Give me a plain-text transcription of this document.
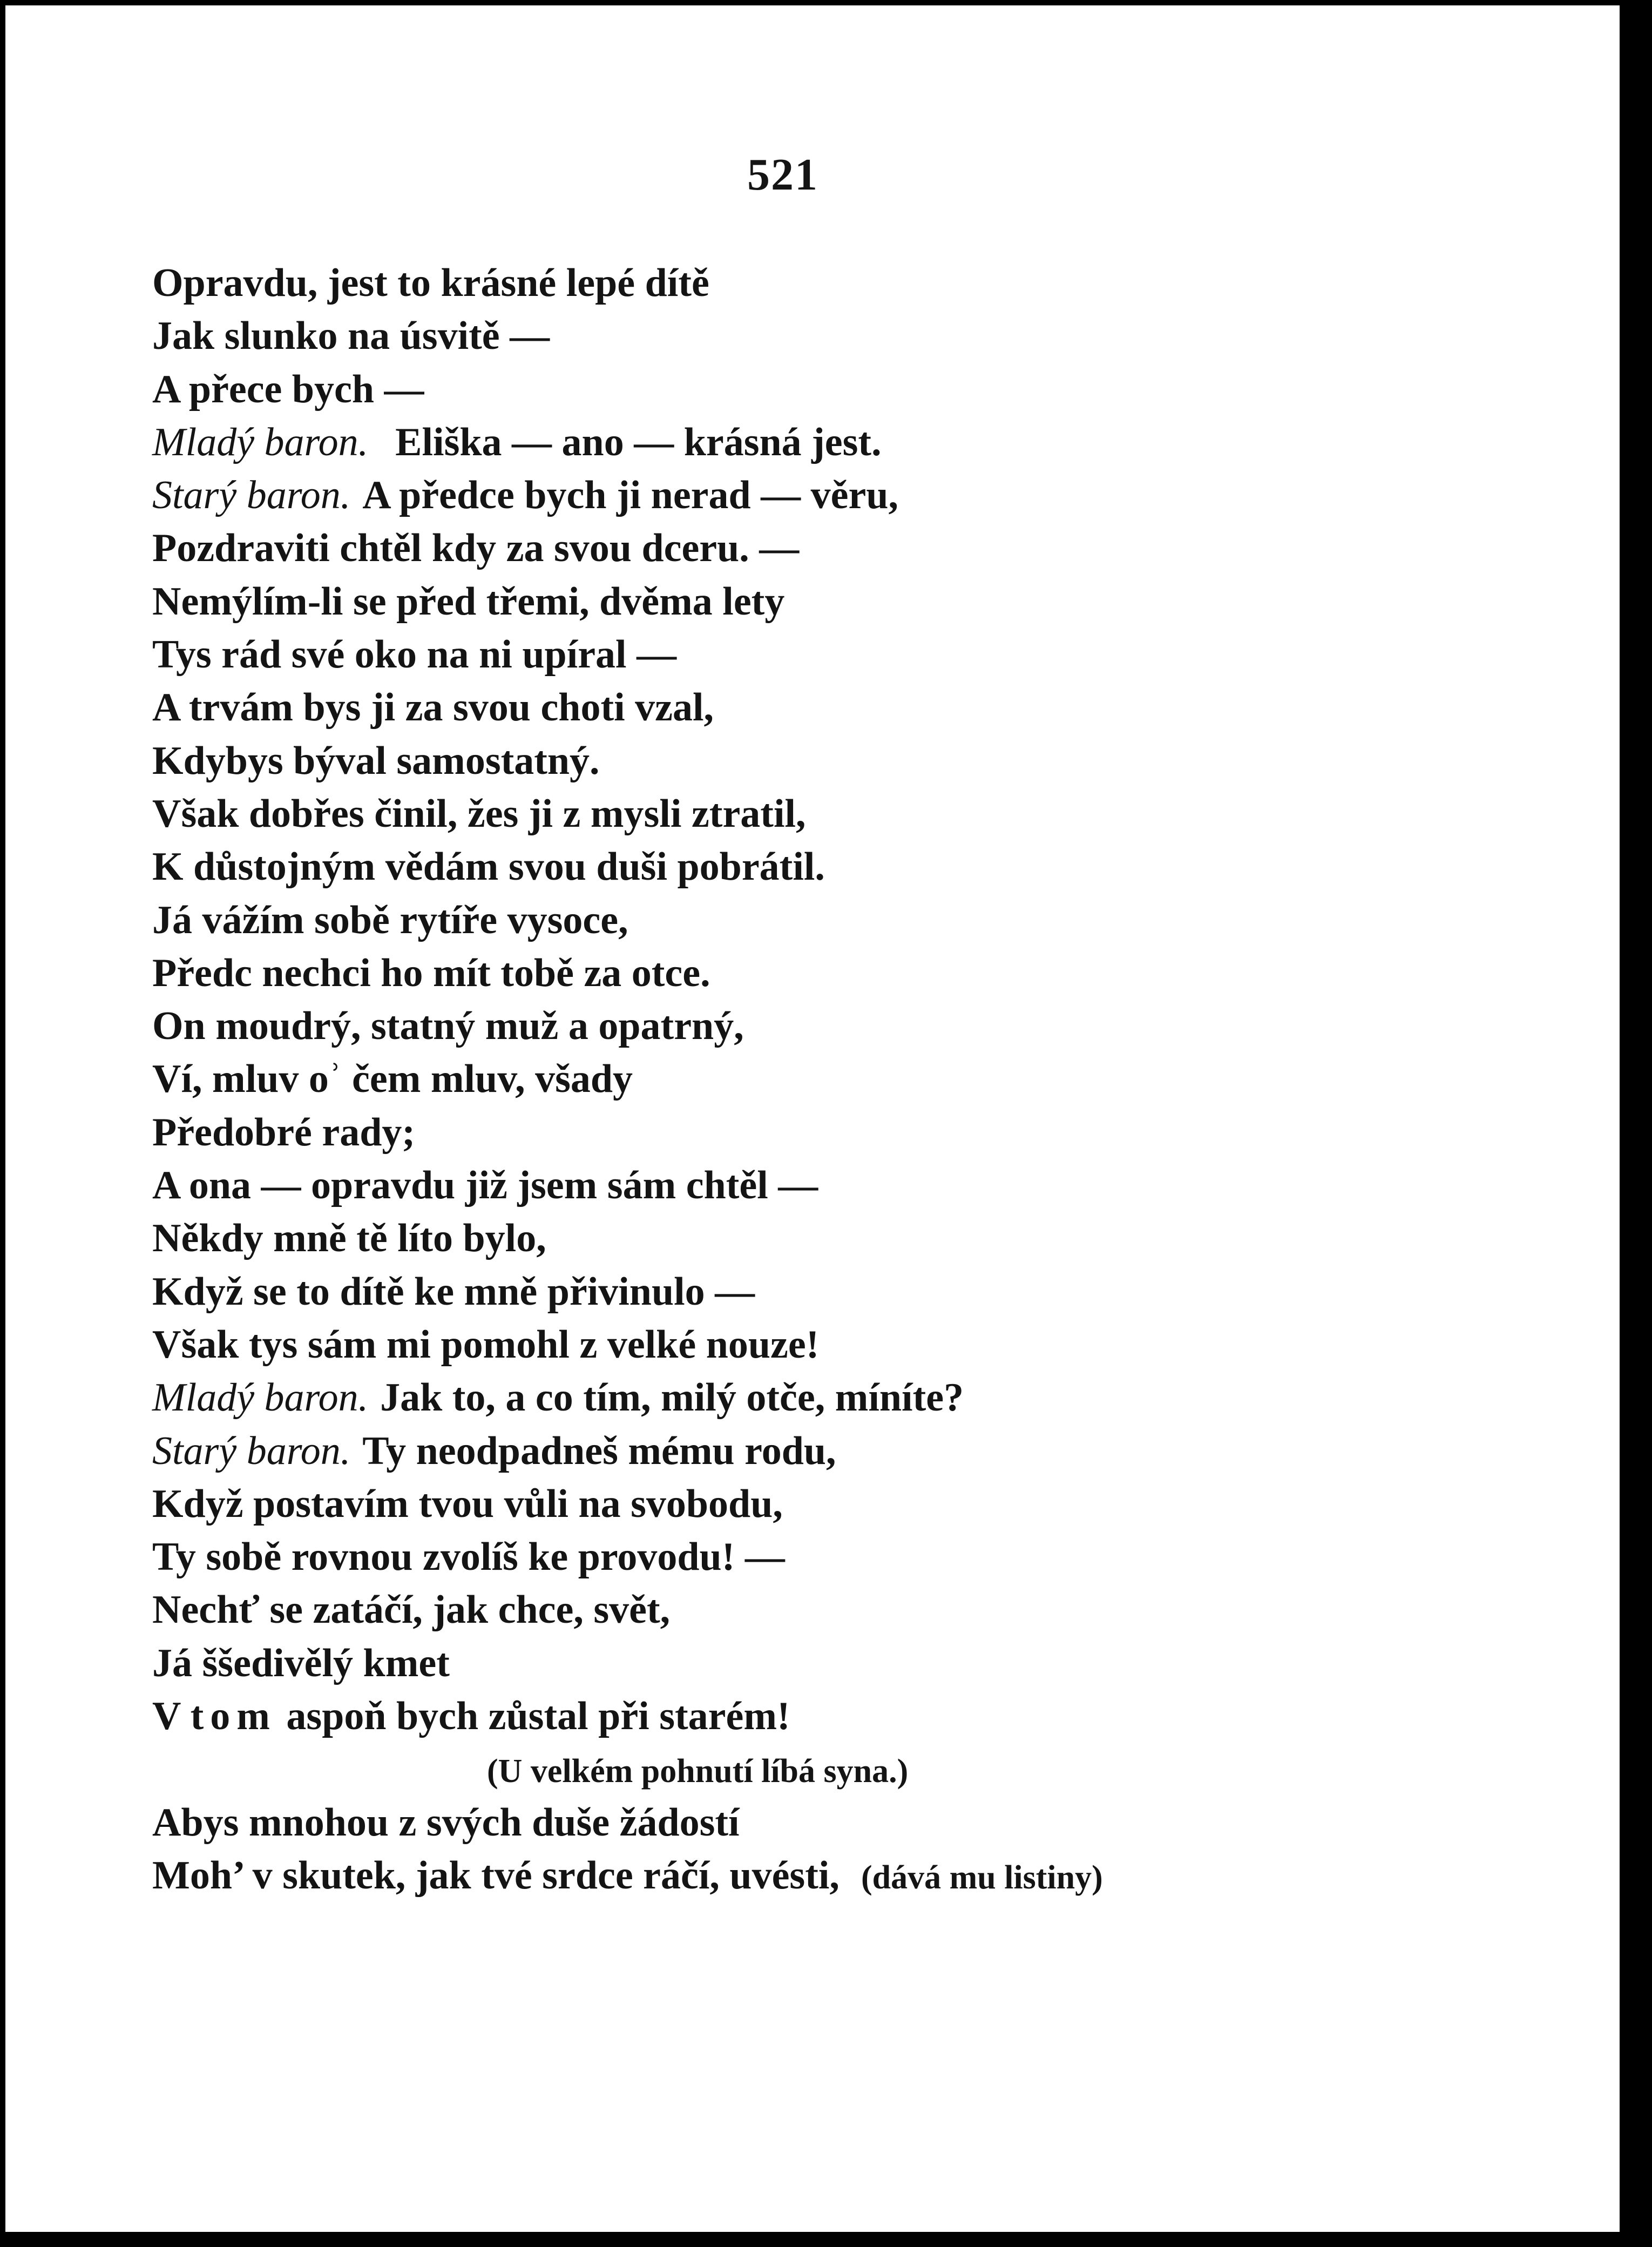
521
Opravdu, jest to krásné lepé dítě
Jak slunko na úsvitě —
A přece bych —
Mladý baron. Eliška — ano — krásná jest.
Starý baron. A předce bych ji nerad — věru,
Pozdraviti chtěl kdy za svou dceru. —
Nemýlím-li se před třemi, dvěma lety
Tys rád své oko na ni upíral —
A trvám bys ji za svou choti vzal,
Kdybys býval samostatný.
Však dobřes činil, žes ji z mysli ztratil,
K důstojným vědám svou duši pobrátil.
Já vážím sobě rytíře vysoce,
Předc nechci ho mít tobě za otce.
On moudrý, statný muž a opatrný,
Ví, mluv oʾ čem mluv, všady
Předobré rady;
A ona — opravdu již jsem sám chtěl —
Někdy mně tě líto bylo,
Když se to dítě ke mně přivinulo —
Však tys sám mi pomohl z velké nouze!
Mladý baron. Jak to, a co tím, milý otče, míníte?
Starý baron. Ty neodpadneš mému rodu,
Když postavím tvou vůli na svobodu,
Ty sobě rovnou zvolíš ke provodu! —
Nechť se zatáčí, jak chce, svět,
Já ššedivělý kmet
V tom aspoň bych zůstal při starém!
(U velkém pohnutí líbá syna.)
Abys mnohou z svých duše žádostí
Moh’ v skutek, jak tvé srdce ráčí, uvésti, (dává mu listiny)
